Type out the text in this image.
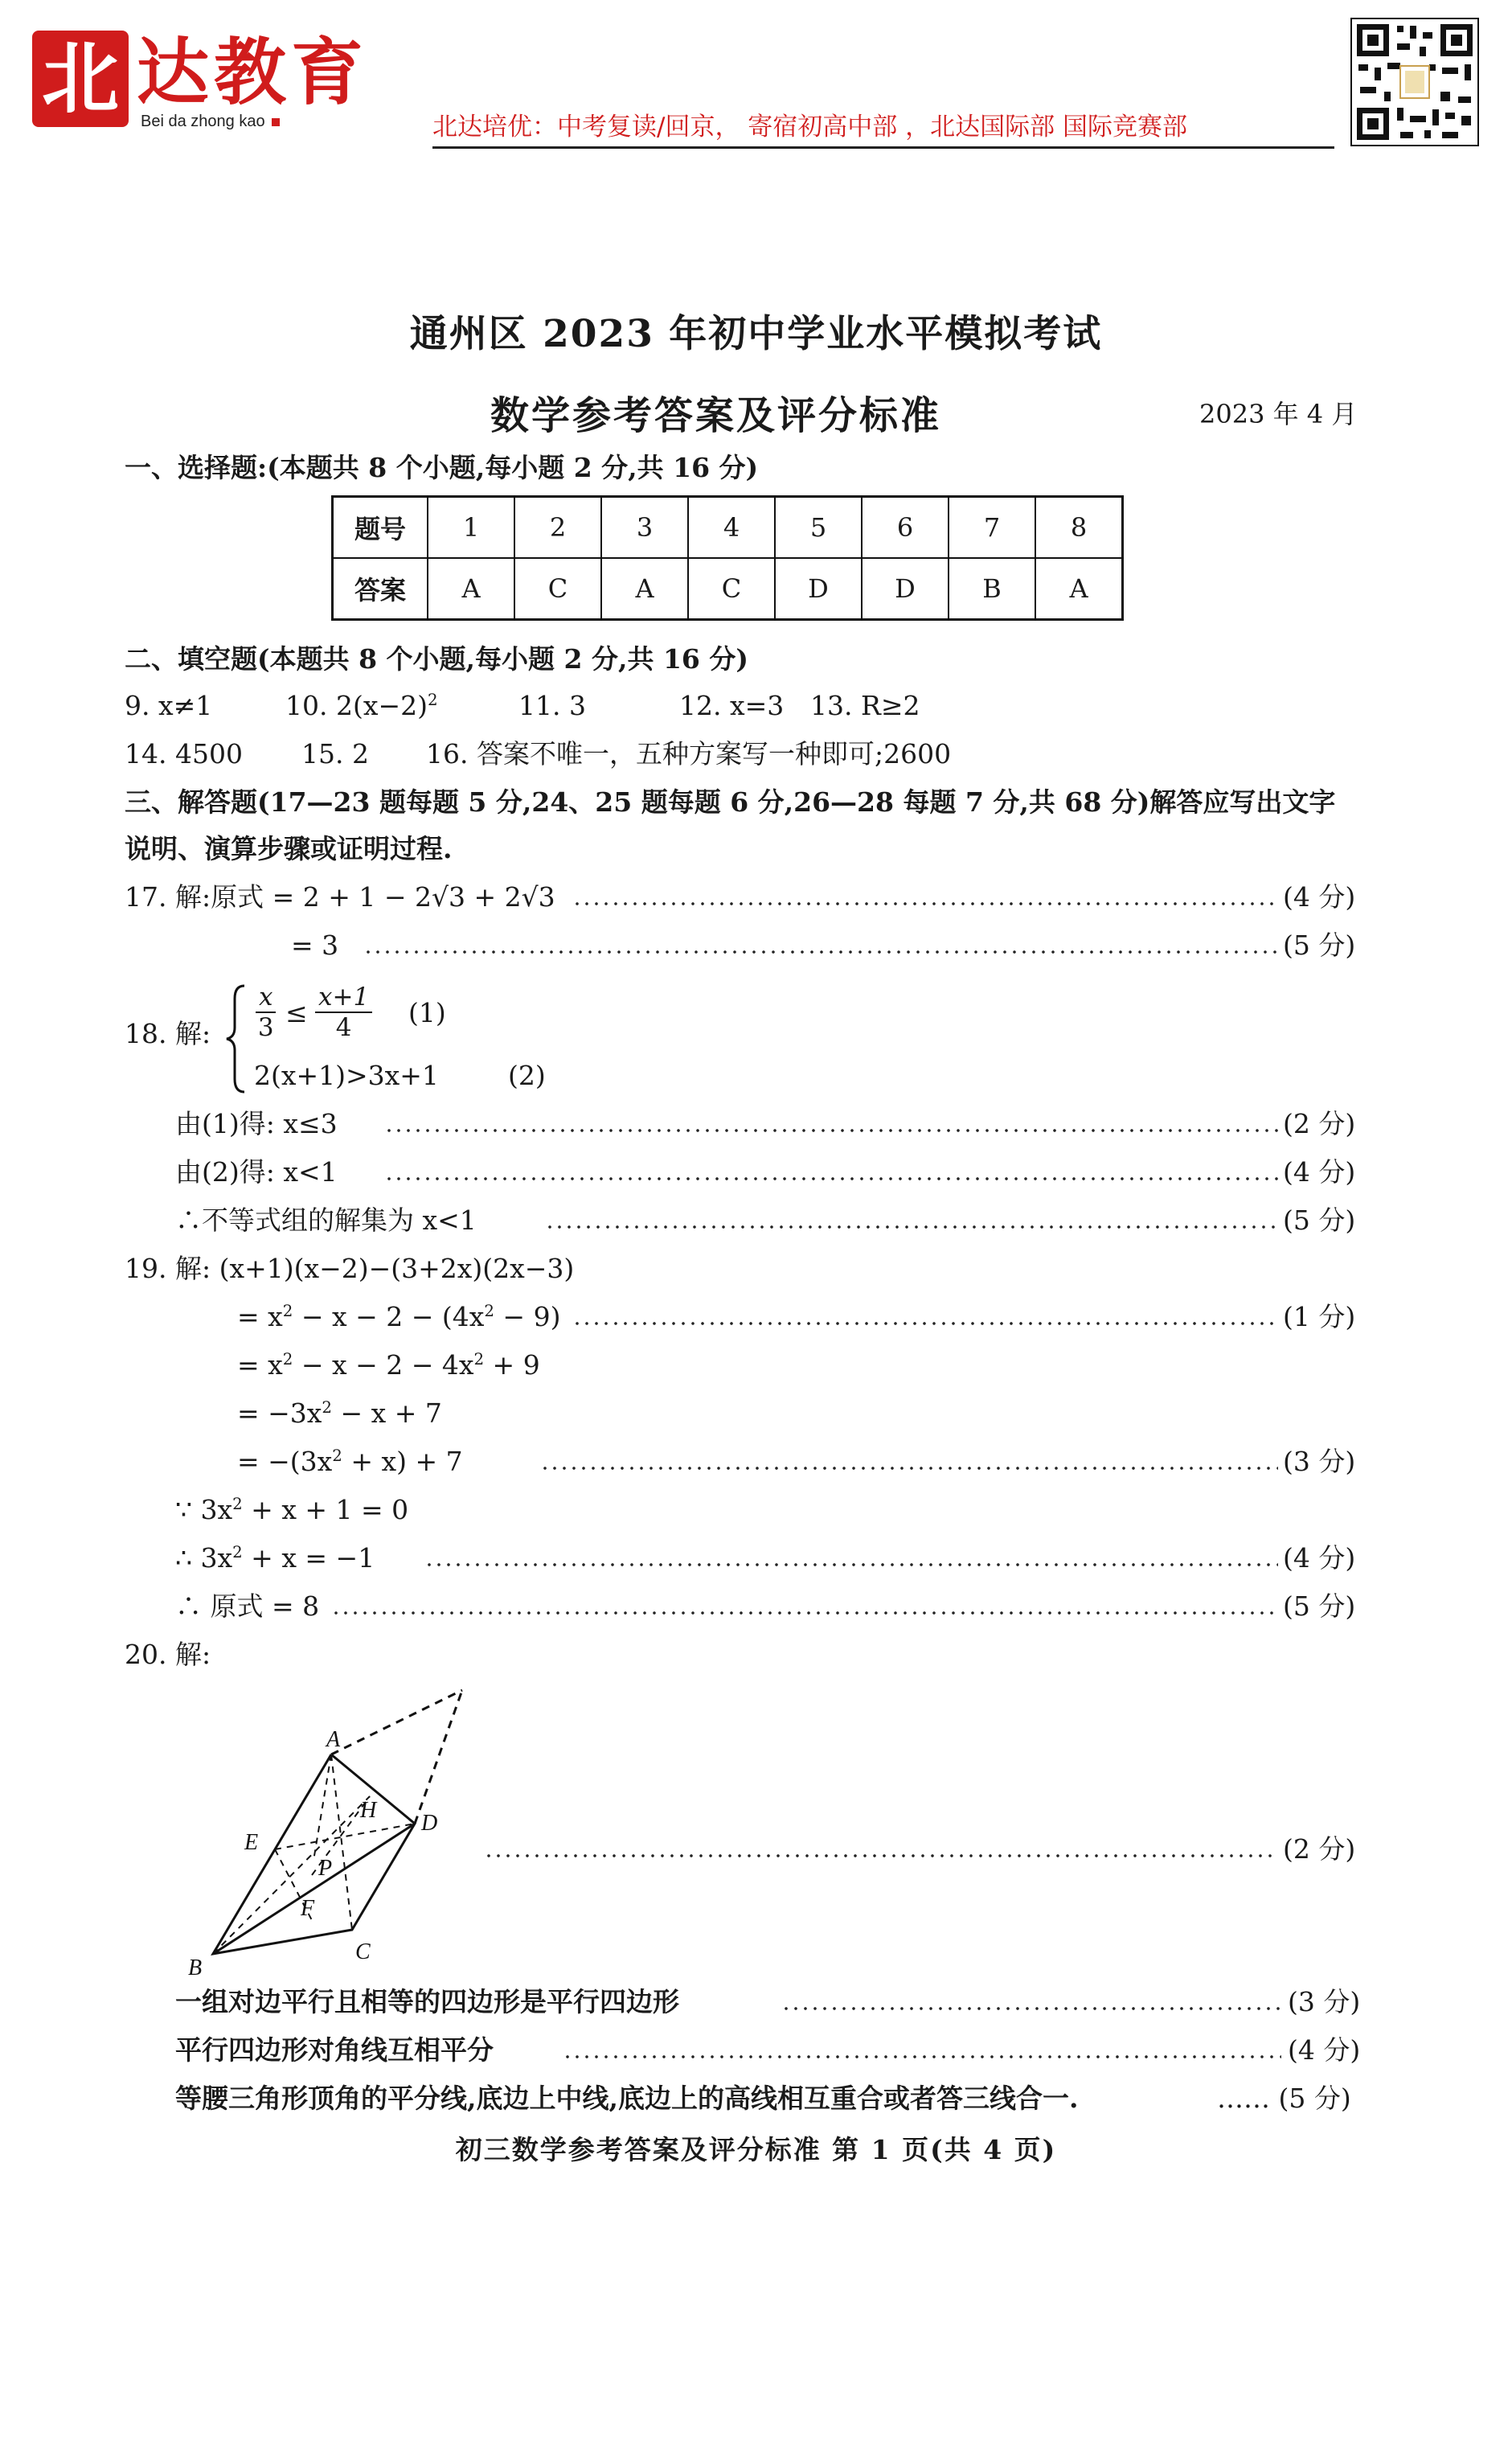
北 达教育
Bei da zhong kao	北达培优：中考复读/回京， 寄宿初高中部 ，北达国际部 国际竞赛部
通州区 2023 年初中学业水平模拟考试
数学参考答案及评分标准	2023 年 4 月
一、选择题:(本题共 8 个小题,每小题 2 分,共 16 分)
题号	1	2	3	4	5	6	7	8
答案	A	C	A	C	D	D	B	A
二、填空题(本题共 8 个小题,每小题 2 分,共 16 分)
9. x≠1	10. $2(x-2)^2$	11. 3	12. x=3 13. R≥2
14. 4500 15. 2 16. 答案不唯一，五种方案写一种即可;2600
三、解答题(17—23 题每题 5 分,24、25 题每题 6 分,26—28 每题 7 分,共 68 分)解答应写出文字
说明、演算步骤或证明过程.
17. 解:原式 = 2 + 1 − 2√3 + 2√3	(4 分)
= 3	(5 分)
18. 解: $\frac{x}{3} \le \frac{x+1}{4} (1)$
2(x+1)>3x+1	(2)
由(1)得: x≤3	(2 分)
由(2)得: x<1	(4 分)
∴不等式组的解集为 x<1	(5 分)
19. 解: (x+1)(x−2)−(3+2x)(2x−3)
= $x^2 - x - 2 - (4x^2 - 9)$	(1 分)
= $x^2 - x - 2 - 4x^2 + 9$
= $-3x^2 - x + 7$
= $-(3x^2 + x) + 7$	(3 分)
∵ $3x^2 + x + 1 = 0$
∴ $3x^2 + x = -1$	(4 分)
∴ 原式 = 8	(5 分)
20. 解:
A
B
C
D
E
F
H
P
(2 分)
一组对边平行且相等的四边形是平行四边形	(3 分)
平行四边形对角线互相平分	(4 分)
等腰三角形顶角的平分线,底边上中线,底边上的高线相互重合或者答三线合一.	…… (5 分)
初三数学参考答案及评分标准 第 1 页(共 4 页)
